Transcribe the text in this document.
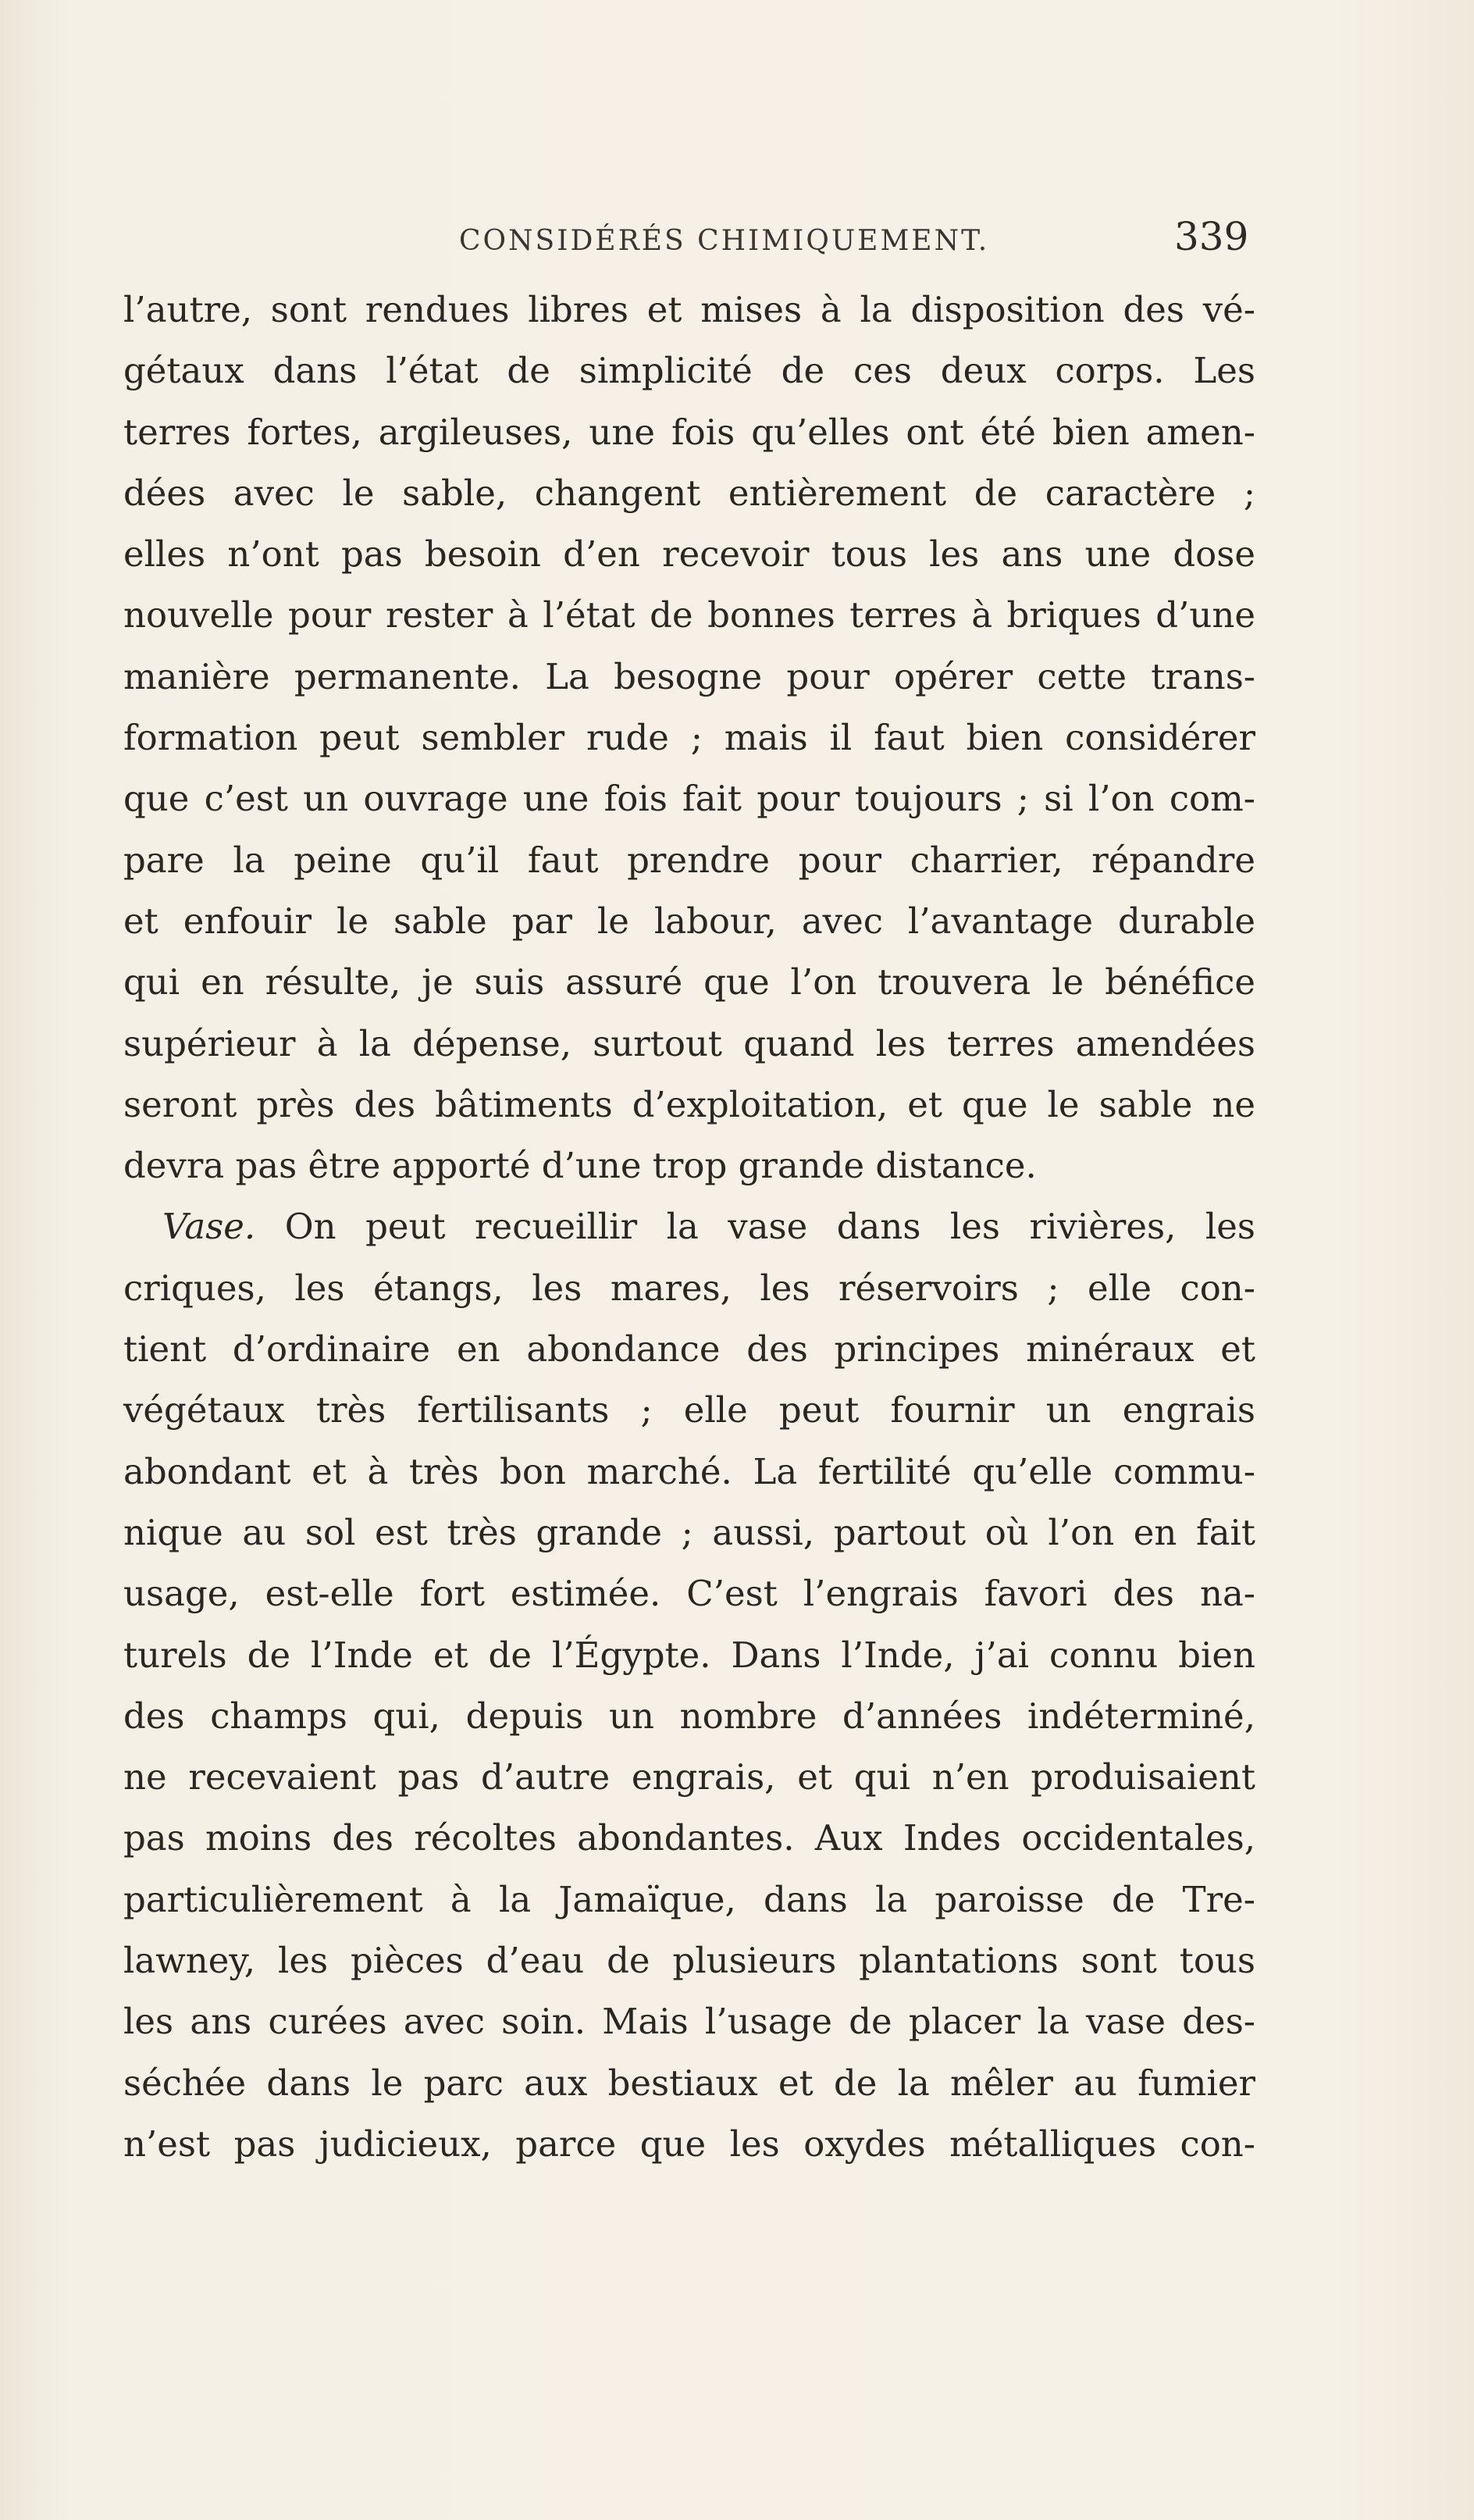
CONSIDÉRÉS CHIMIQUEMENT.	339
l’autre, sont rendues libres et mises à la disposition des vé-
gétaux dans l’état de simplicité de ces deux corps. Les
terres fortes, argileuses, une fois qu’elles ont été bien amen-
dées avec le sable, changent entièrement de caractère ;
elles n’ont pas besoin d’en recevoir tous les ans une dose
nouvelle pour rester à l’état de bonnes terres à briques d’une
manière permanente. La besogne pour opérer cette trans-
formation peut sembler rude ; mais il faut bien considérer
que c’est un ouvrage une fois fait pour toujours ; si l’on com-
pare la peine qu’il faut prendre pour charrier, répandre
et enfouir le sable par le labour, avec l’avantage durable
qui en résulte, je suis assuré que l’on trouvera le bénéfice
supérieur à la dépense, surtout quand les terres amendées
seront près des bâtiments d’exploitation, et que le sable ne
devra pas être apporté d’une trop grande distance.
Vase. On peut recueillir la vase dans les rivières, les
criques, les étangs, les mares, les réservoirs ; elle con-
tient d’ordinaire en abondance des principes minéraux et
végétaux très fertilisants ; elle peut fournir un engrais
abondant et à très bon marché. La fertilité qu’elle commu-
nique au sol est très grande ; aussi, partout où l’on en fait
usage, est-elle fort estimée. C’est l’engrais favori des na-
turels de l’Inde et de l’Égypte. Dans l’Inde, j’ai connu bien
des champs qui, depuis un nombre d’années indéterminé,
ne recevaient pas d’autre engrais, et qui n’en produisaient
pas moins des récoltes abondantes. Aux Indes occidentales,
particulièrement à la Jamaïque, dans la paroisse de Tre-
lawney, les pièces d’eau de plusieurs plantations sont tous
les ans curées avec soin. Mais l’usage de placer la vase des-
séchée dans le parc aux bestiaux et de la mêler au fumier
n’est pas judicieux, parce que les oxydes métalliques con-
